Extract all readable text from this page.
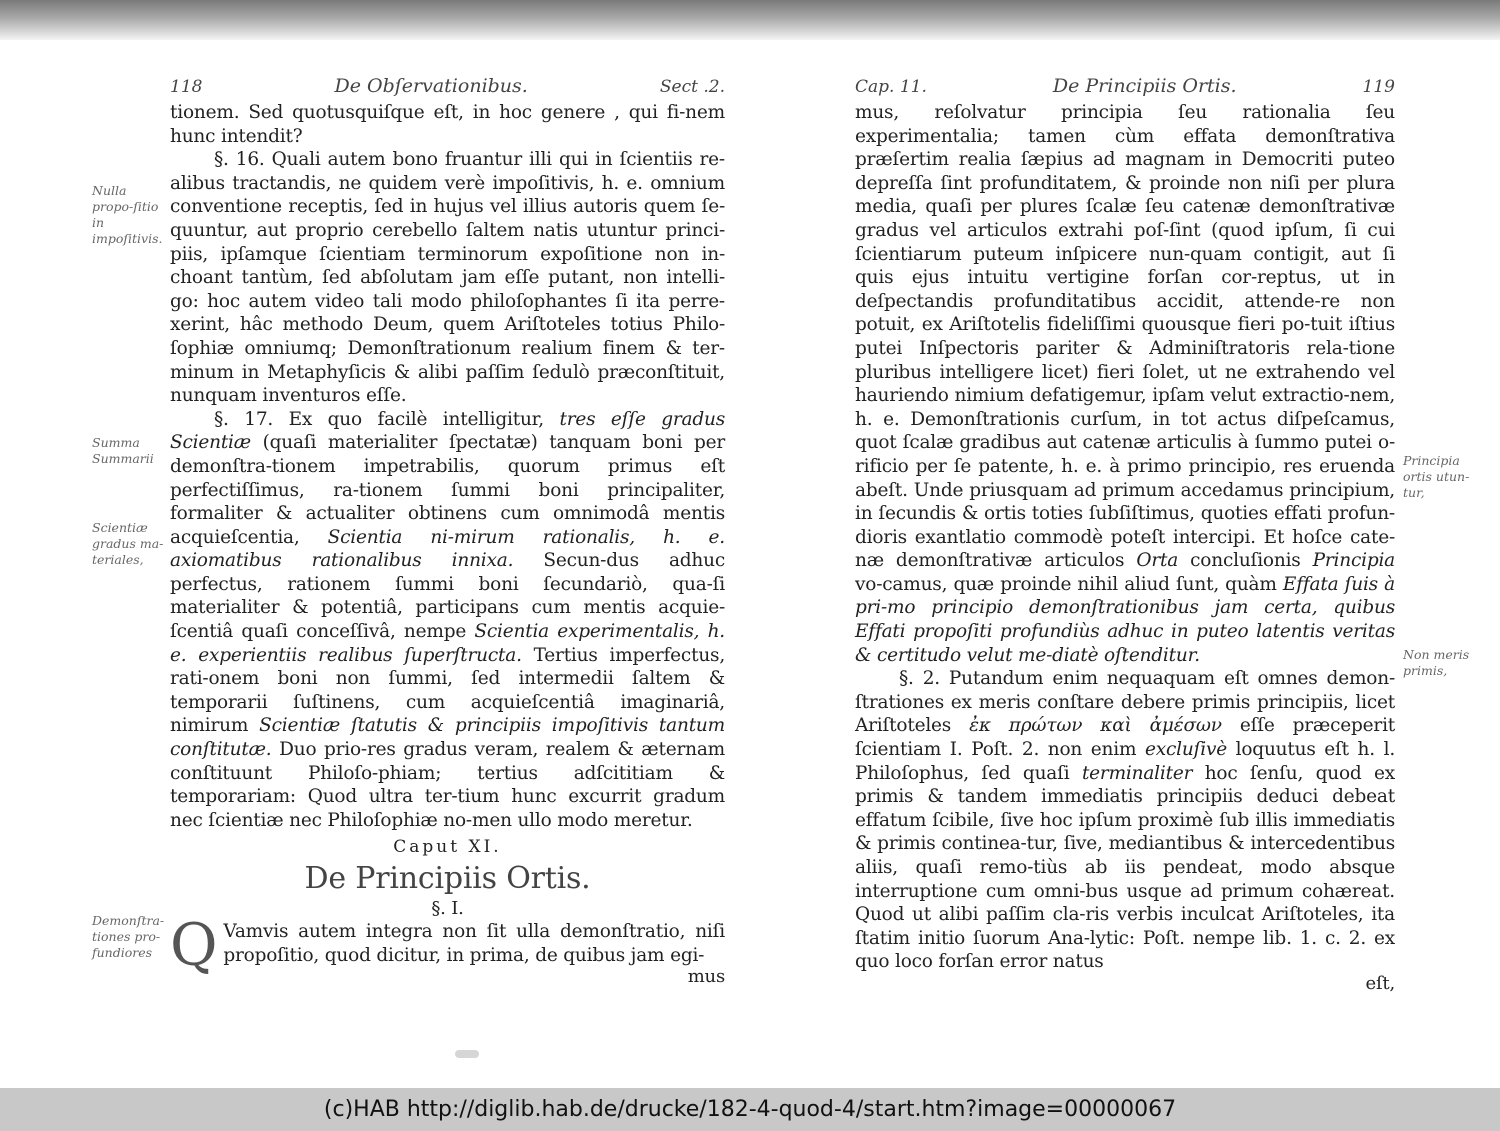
118	De Obſervationibus.	Sect .2.

tionem. Sed quotusquiſque eſt, in hoc genere , qui fi-nem hunc intendit?

§. 16. Quali autem bono fruantur illi qui in ſcientiis re-alibus tractandis, ne quidem verè impoſitivis, h. e. omnium conventione receptis, ſed in hujus vel illius autoris quem ſe-quuntur, aut proprio cerebello ſaltem natis utuntur princi-piis, ipſamque ſcientiam terminorum expoſitione non in-choant tantùm, ſed abſolutam jam eſſe putant, non intelli-go: hoc autem video tali modo philoſophantes ſi ita perre-xerint, hâc methodo Deum, quem Ariſtoteles totius Philo-ſophiæ omniumq; Demonſtrationum realium finem & ter-minum in Metaphyſicis & alibi paſſim ſedulò præconſtituit, nunquam inventuros eſſe.

§. 17. Ex quo facilè intelligitur, tres eſſe gradus Scientiæ (quaſi materialiter ſpectatæ) tanquam boni per demonſtra-tionem impetrabilis, quorum primus eſt perfectiſſimus, ra-tionem ſummi boni principaliter, formaliter & actualiter obtinens cum omnimodâ mentis acquieſcentia, Scientia ni-mirum rationalis, h. e. axiomatibus rationalibus innixa. Secun-dus adhuc perfectus, rationem ſummi boni ſecundariò, qua-ſi materialiter & potentiâ, participans cum mentis acquie-ſcentiâ quaſi conceſſivâ, nempe Scientia experimentalis, h. e. experientiis realibus ſuperſtructa. Tertius imperfectus, rati-onem boni non ſummi, ſed intermedii ſaltem & temporarii ſuſtinens, cum acquieſcentiâ imaginariâ, nimirum Scientiæ ſtatutis & principiis impoſitivis tantum conſtitutæ. Duo prio-res gradus veram, realem & æternam conſtituunt Philoſo-phiam; tertius adſcititiam & temporariam: Quod ultra ter-tium hunc excurrit gradum nec ſcientiæ nec Philoſophiæ no-men ullo modo meretur.

Caput XI.
De Principiis Ortis.
§. I.

Q Vamvis autem integra non ſit ulla demonſtratio, niſi propoſitio, quod dicitur, in prima, de quibus jam egi-

mus
Nulla propo-ſitio in impoſitivis.
Summa Summarii
Scientiæ gradus ma-teriales,
Demonſtra-tiones pro-fundiores
Cap. 11.	De Principiis Ortis.	119

mus, reſolvatur principia ſeu rationalia ſeu experimentalia; tamen cùm effata demonſtrativa præſertim realia ſæpius ad magnam in Democriti puteo depreſſa ſint profunditatem, & proinde non niſi per plura media, quaſi per plures ſcalæ ſeu catenæ demonſtrativæ gradus vel articulos extrahi poſ-ſint (quod ipſum, ſi cui ſcientiarum puteum inſpicere nun-quam contigit, aut ſi quis ejus intuitu vertigine forſan cor-reptus, ut in deſpectandis profunditatibus accidit, attende-re non potuit, ex Ariſtotelis fideliſſimi quousque fieri po-tuit iſtius putei Inſpectoris pariter & Adminiſtratoris rela-tione pluribus intelligere licet) fieri ſolet, ut ne extrahendo vel hauriendo nimium defatigemur, ipſam velut extractio-nem, h. e. Demonſtrationis curſum, in tot actus diſpeſcamus, quot ſcalæ gradibus aut catenæ articulis à ſummo putei o-rificio per ſe patente, h. e. à primo principio, res eruenda abeſt. Unde priusquam ad primum accedamus principium, in ſecundis & ortis toties ſubſiſtimus, quoties effati profun-dioris exantlatio commodè poteſt intercipi. Et hoſce cate-næ demonſtrativæ articulos Orta concluſionis Principia vo-camus, quæ proinde nihil aliud ſunt, quàm Effata ſuis à pri-mo principio demonſtrationibus jam certa, quibus Effati propoſiti profundiùs adhuc in puteo latentis veritas & certitudo velut me-diatè oſtenditur.

§. 2. Putandum enim nequaquam eſt omnes demon-ſtrationes ex meris conſtare debere primis principiis, licet Ariſtoteles ἐκ πρώτων καὶ ἀμέσων eſſe præceperit ſcientiam I. Poſt. 2. non enim excluſivè loquutus eſt h. l. Philoſophus, ſed quaſi terminaliter hoc ſenſu, quod ex primis & tandem immediatis principiis deduci debeat effatum ſcibile, ſive hoc ipſum proximè ſub illis immediatis & primis continea-tur, ſive, mediantibus & intercedentibus aliis, quaſi remo-tiùs ab iis pendeat, modo absque interruptione cum omni-bus usque ad primum cohæreat. Quod ut alibi paſſim cla-ris verbis inculcat Ariſtoteles, ita ſtatim initio ſuorum Ana-lytic: Poſt. nempe lib. 1. c. 2. ex quo loco forſan error natus

eſt,
Principia ortis utun-tur,
Non meris primis,
(c)HAB http://diglib.hab.de/drucke/182-4-quod-4/start.htm?image=00000067
